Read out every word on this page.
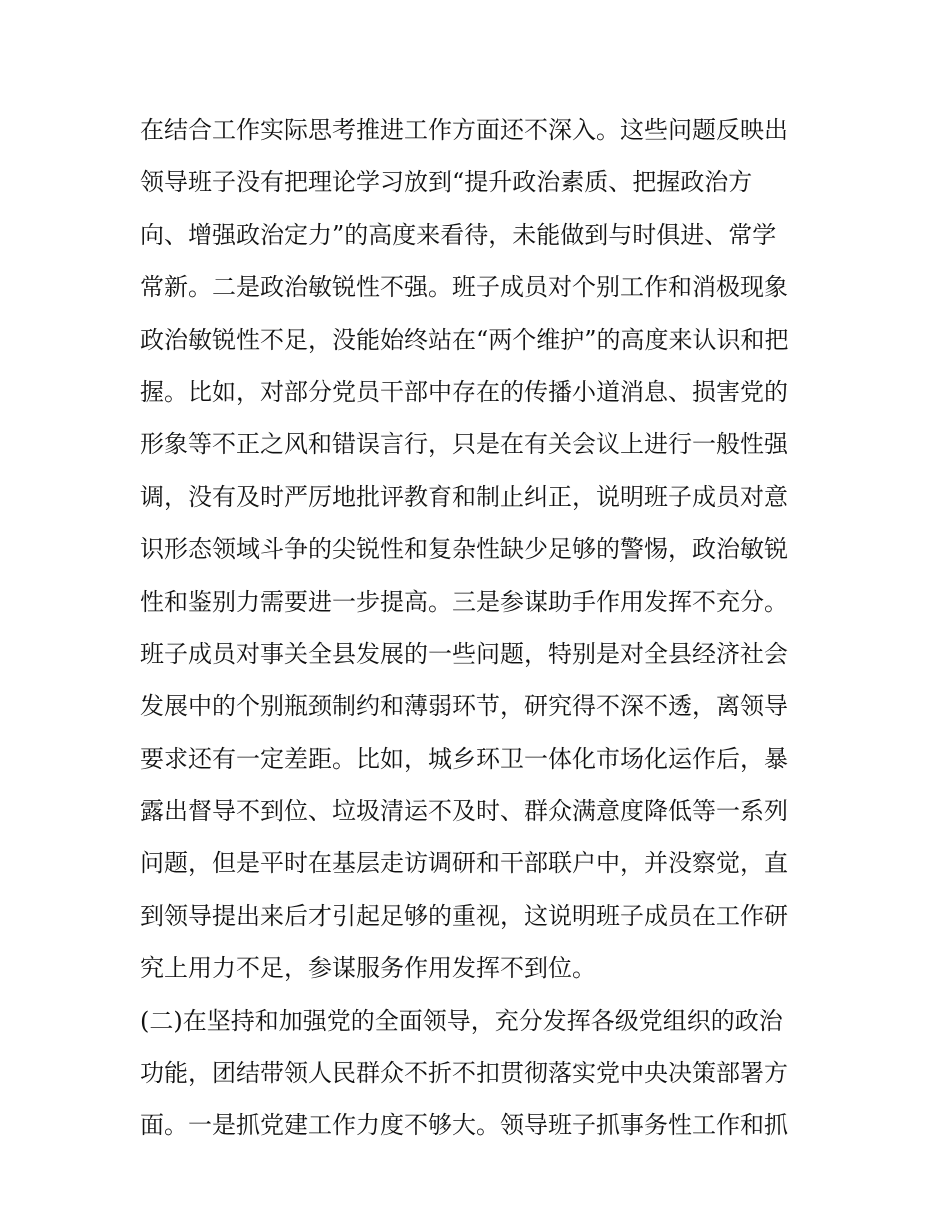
在结合工作实际思考推进工作方面还不深入。这些问题反映出
领导班子没有把理论学习放到“提升政治素质、把握政治方
向、增强政治定力”的高度来看待，未能做到与时俱进、常学
常新。二是政治敏锐性不强。班子成员对个别工作和消极现象
政治敏锐性不足，没能始终站在“两个维护”的高度来认识和把
握。比如，对部分党员干部中存在的传播小道消息、损害党的
形象等不正之风和错误言行，只是在有关会议上进行一般性强
调，没有及时严厉地批评教育和制止纠正，说明班子成员对意
识形态领域斗争的尖锐性和复杂性缺少足够的警惕，政治敏锐
性和鉴别力需要进一步提高。三是参谋助手作用发挥不充分。
班子成员对事关全县发展的一些问题，特别是对全县经济社会
发展中的个别瓶颈制约和薄弱环节，研究得不深不透，离领导
要求还有一定差距。比如，城乡环卫一体化市场化运作后，暴
露出督导不到位、垃圾清运不及时、群众满意度降低等一系列
问题，但是平时在基层走访调研和干部联户中，并没察觉，直
到领导提出来后才引起足够的重视，这说明班子成员在工作研
究上用力不足，参谋服务作用发挥不到位。
(二)在坚持和加强党的全面领导，充分发挥各级党组织的政治
功能，团结带领人民群众不折不扣贯彻落实党中央决策部署方
面。一是抓党建工作力度不够大。领导班子抓事务性工作和抓
